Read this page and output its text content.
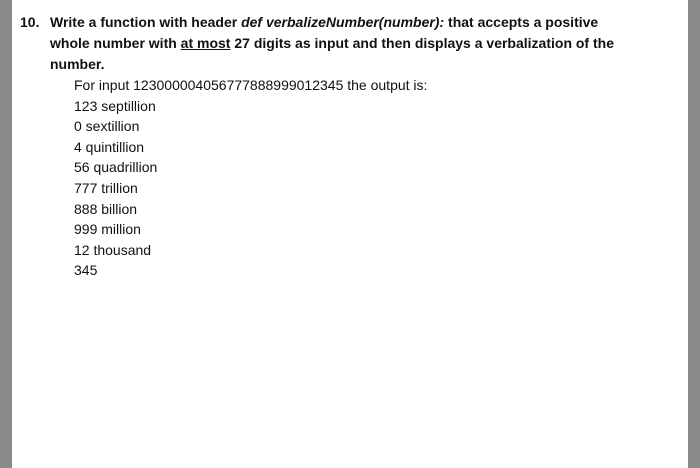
10. Write a function with header def verbalizeNumber(number): that accepts a positive whole number with at most 27 digits as input and then displays a verbalization of the number.
For input 123000004056777888999012345 the output is:
123 septillion
0 sextillion
4 quintillion
56 quadrillion
777 trillion
888 billion
999 million
12 thousand
345
